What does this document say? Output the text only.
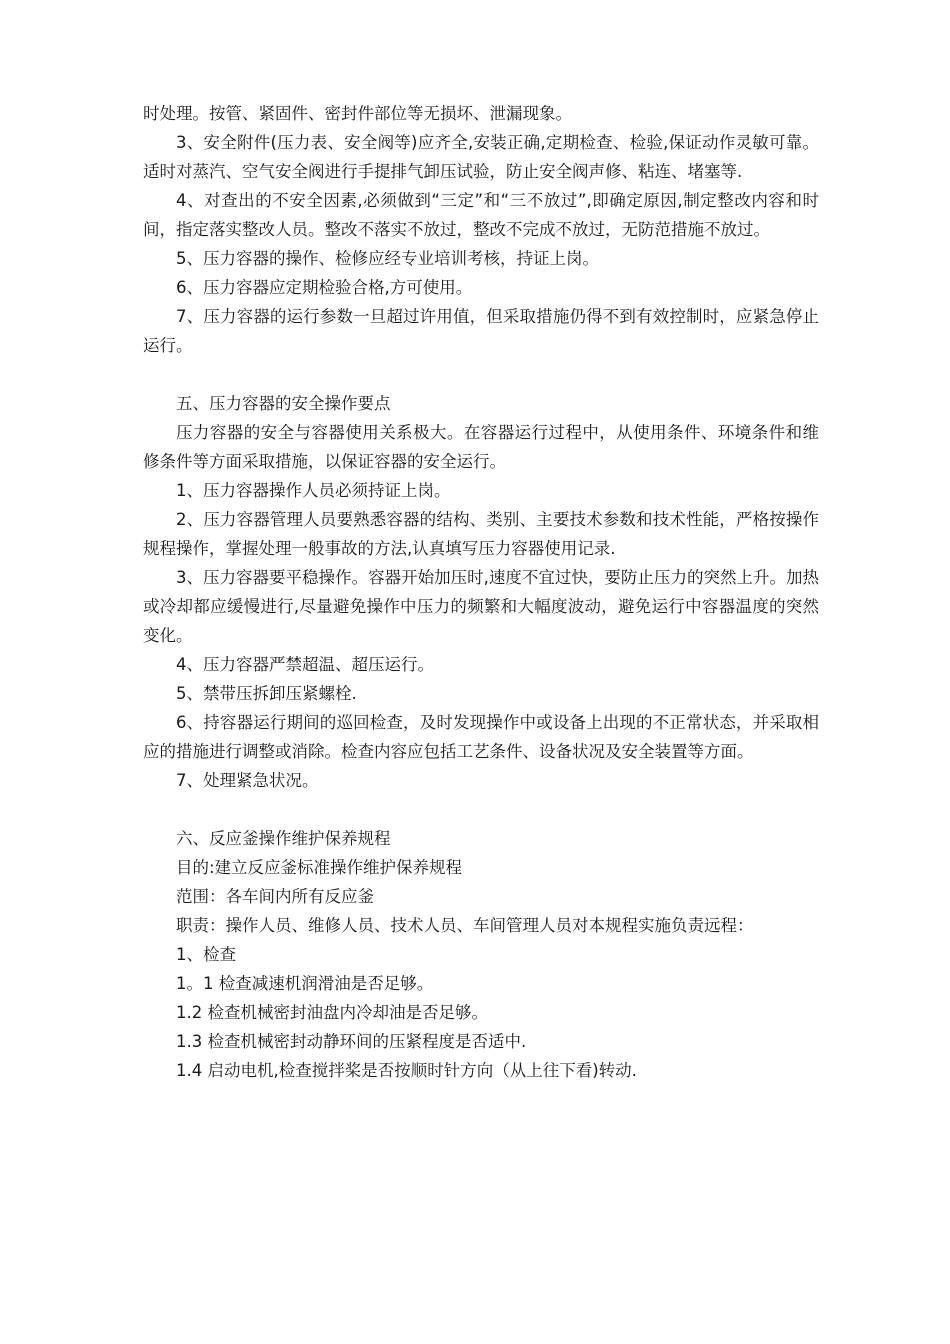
时处理。按管、紧固件、密封件部位等无损坏、泄漏现象。

3、安全附件(压力表、安全阀等)应齐全,安装正确,定期检查、检验,保证动作灵敏可靠。适时对蒸汽、空气安全阀进行手提排气卸压试验，防止安全阀声修、粘连、堵塞等.

4、对查出的不安全因素,必须做到“三定”和“三不放过”,即确定原因,制定整改内容和时间，指定落实整改人员。整改不落实不放过，整改不完成不放过，无防范措施不放过。

5、压力容器的操作、检修应经专业培训考核，持证上岗。

6、压力容器应定期检验合格,方可使用。

7、压力容器的运行参数一旦超过许用值，但采取措施仍得不到有效控制时，应紧急停止运行。

五、压力容器的安全操作要点

压力容器的安全与容器使用关系极大。在容器运行过程中，从使用条件、环境条件和维修条件等方面采取措施，以保证容器的安全运行。

1、压力容器操作人员必须持证上岗。

2、压力容器管理人员要熟悉容器的结构、类别、主要技术参数和技术性能，严格按操作规程操作，掌握处理一般事故的方法,认真填写压力容器使用记录.

3、压力容器要平稳操作。容器开始加压时,速度不宜过快，要防止压力的突然上升。加热或冷却都应缓慢进行,尽量避免操作中压力的频繁和大幅度波动，避免运行中容器温度的突然变化。

4、压力容器严禁超温、超压运行。

5、禁带压拆卸压紧螺栓.

6、持容器运行期间的巡回检查，及时发现操作中或设备上出现的不正常状态，并采取相应的措施进行调整或消除。检查内容应包括工艺条件、设备状况及安全装置等方面。

7、处理紧急状况。

六、反应釜操作维护保养规程

目的:建立反应釜标准操作维护保养规程

范围：各车间内所有反应釜

职责：操作人员、维修人员、技术人员、车间管理人员对本规程实施负责远程：

1、检查

1。1 检查减速机润滑油是否足够。

1.2 检查机械密封油盘内冷却油是否足够。

1.3 检查机械密封动静环间的压紧程度是否适中.

1.4 启动电机,检查搅拌桨是否按顺时针方向（从上往下看)转动.
